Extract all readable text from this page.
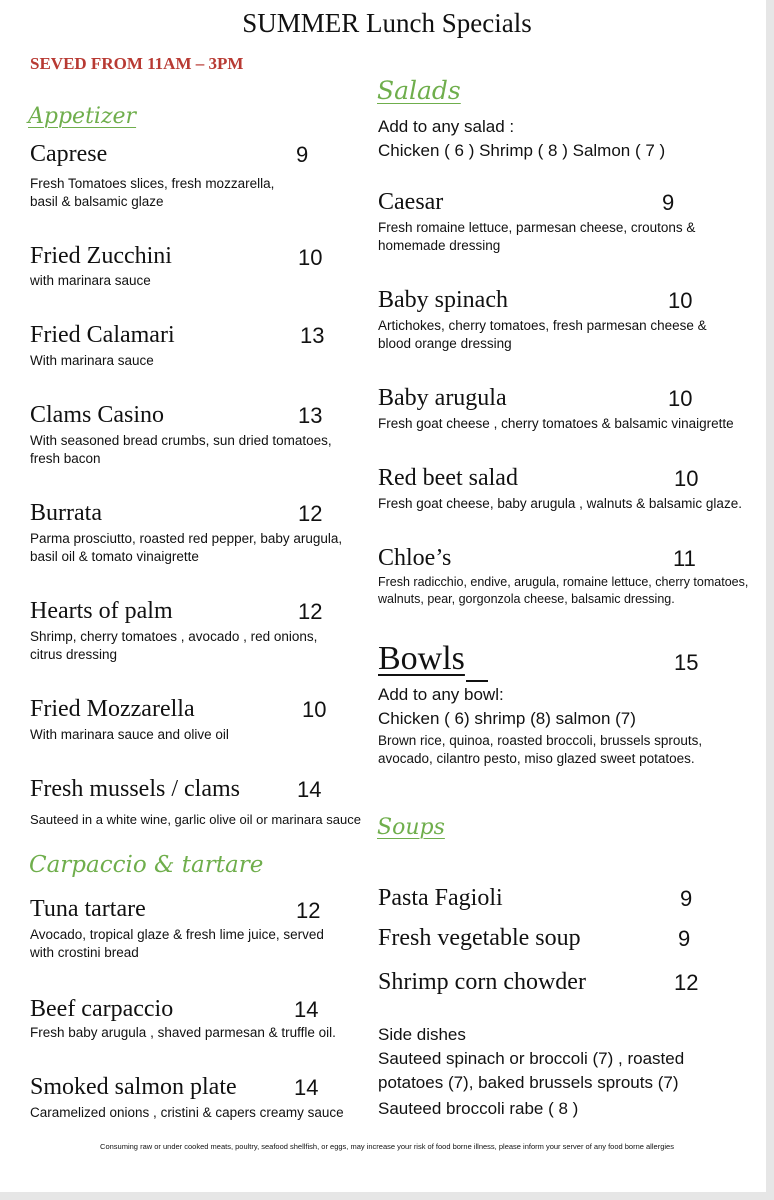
SUMMER Lunch Specials
SEVED FROM 11AM – 3PM
Appetizer
Caprese	9
Fresh Tomatoes slices, fresh mozzarella, basil & balsamic glaze
Fried Zucchini	10
with marinara sauce
Fried Calamari	13
With marinara sauce
Clams Casino	13
With seasoned bread crumbs, sun dried tomatoes, fresh bacon
Burrata	12
Parma prosciutto, roasted red pepper, baby arugula, basil oil & tomato vinaigrette
Hearts of palm	12
Shrimp, cherry tomatoes , avocado , red onions, citrus dressing
Fried Mozzarella	10
With marinara sauce and olive oil
Fresh mussels / clams	14
Sauteed in a white wine, garlic olive oil or marinara sauce
Carpaccio & tartare
Tuna tartare	12
Avocado, tropical glaze & fresh lime juice, served with crostini bread
Beef carpaccio	14
Fresh baby arugula , shaved parmesan & truffle oil.
Smoked salmon plate	14
Caramelized onions , cristini & capers creamy sauce
Salads
Add to any salad :
Chicken ( 6 ) Shrimp ( 8 ) Salmon ( 7 )
Caesar	9
Fresh romaine lettuce, parmesan cheese, croutons & homemade dressing
Baby spinach	10
Artichokes, cherry tomatoes, fresh parmesan cheese & blood orange dressing
Baby arugula	10
Fresh goat cheese , cherry tomatoes & balsamic vinaigrette
Red beet salad	10
Fresh goat cheese, baby arugula , walnuts & balsamic glaze.
Chloe’s	11
Fresh radicchio, endive, arugula, romaine lettuce, cherry tomatoes, walnuts, pear, gorgonzola cheese, balsamic dressing.
Bowls	15
Add to any bowl:
Chicken ( 6) shrimp (8) salmon (7)
Brown rice, quinoa, roasted broccoli, brussels sprouts, avocado, cilantro pesto, miso glazed sweet potatoes.
Soups
Pasta Fagioli	9
Fresh vegetable soup	9
Shrimp corn chowder	12
Side dishes
Sauteed spinach or broccoli (7) , roasted
potatoes (7), baked brussels sprouts (7)
Sauteed broccoli rabe ( 8 )
Consuming raw or under cooked meats, poultry, seafood shellfish, or eggs, may increase your risk of food borne illness, please inform your server of any food borne allergies
